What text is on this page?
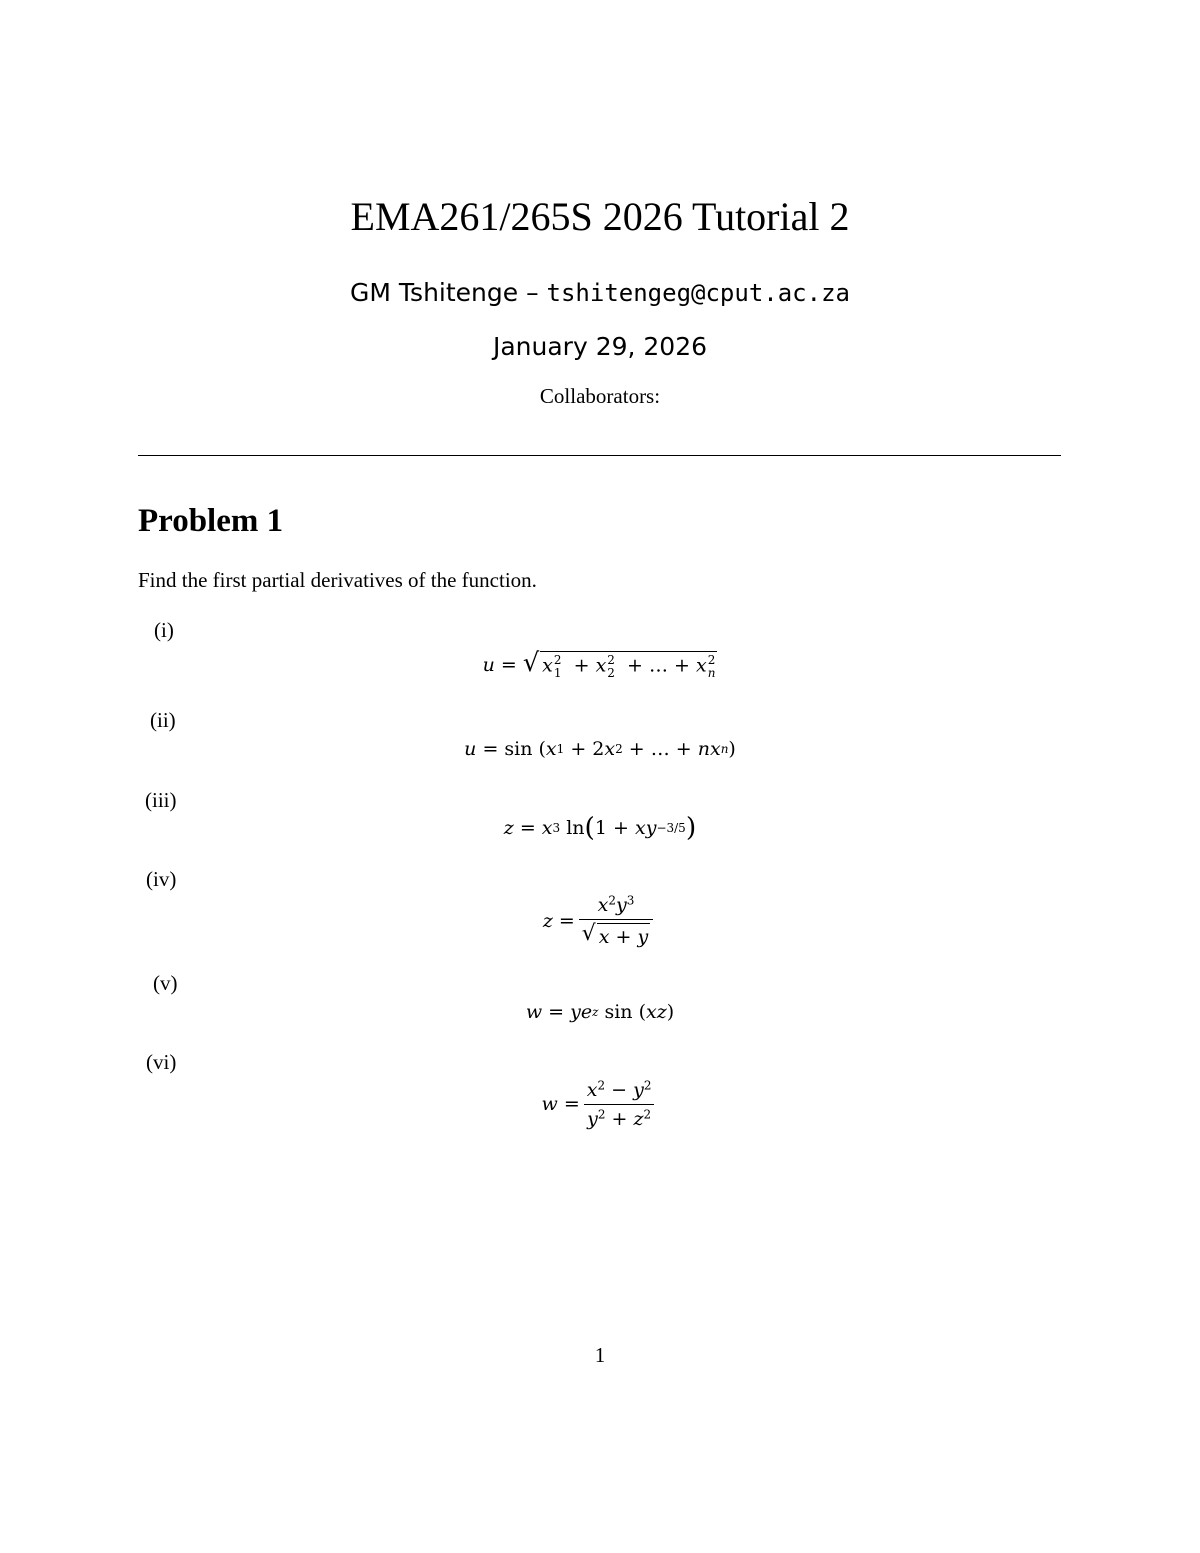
EMA261/265S 2026 Tutorial 2
GM Tshitenge – tshitengeg@cput.ac.za
January 29, 2026
Collaborators:
Problem 1
Find the first partial derivatives of the function.
(i)
u = √ x 2
1 + x 2
2 + … + x 2
n
(ii)
u = sin ( x 1 + 2 x 2 + … + nx n )
(iii)
z = x 3 ln ( 1 + xy −3/5 )
(iv)
$z = \frac{x^2y^3}{√ x + y}$
(v)
w = ye z sin ( xz )
(vi)
$w = \frac{x^2 - y^2}{y^2 + z^2}$
1
